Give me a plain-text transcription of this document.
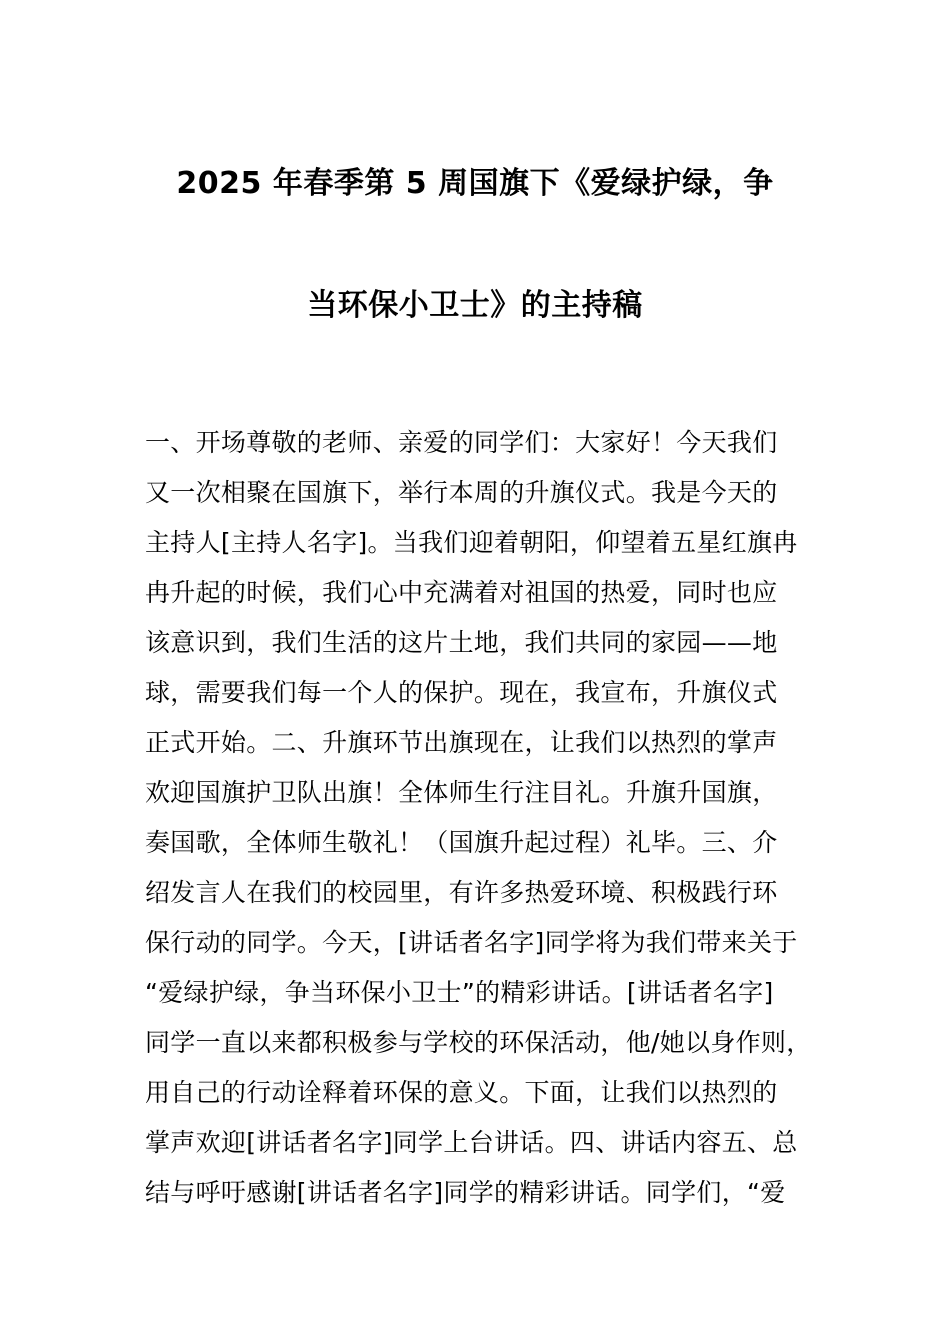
2025 年春季第 5 周国旗下《爱绿护绿，争
当环保小卫士》的主持稿
一、开场尊敬的老师、亲爱的同学们：大家好！今天我们
又一次相聚在国旗下，举行本周的升旗仪式。我是今天的
主持人[主持人名字]。当我们迎着朝阳，仰望着五星红旗冉
冉升起的时候，我们心中充满着对祖国的热爱，同时也应
该意识到，我们生活的这片土地，我们共同的家园——地
球，需要我们每一个人的保护。现在，我宣布，升旗仪式
正式开始。二、升旗环节出旗现在，让我们以热烈的掌声
欢迎国旗护卫队出旗！全体师生行注目礼。升旗升国旗，
奏国歌，全体师生敬礼！（国旗升起过程）礼毕。三、介
绍发言人在我们的校园里，有许多热爱环境、积极践行环
保行动的同学。今天，[讲话者名字]同学将为我们带来关于
“爱绿护绿，争当环保小卫士”的精彩讲话。[讲话者名字]
同学一直以来都积极参与学校的环保活动，他/她以身作则，
用自己的行动诠释着环保的意义。下面，让我们以热烈的
掌声欢迎[讲话者名字]同学上台讲话。四、讲话内容五、总
结与呼吁感谢[讲话者名字]同学的精彩讲话。同学们，“爱
